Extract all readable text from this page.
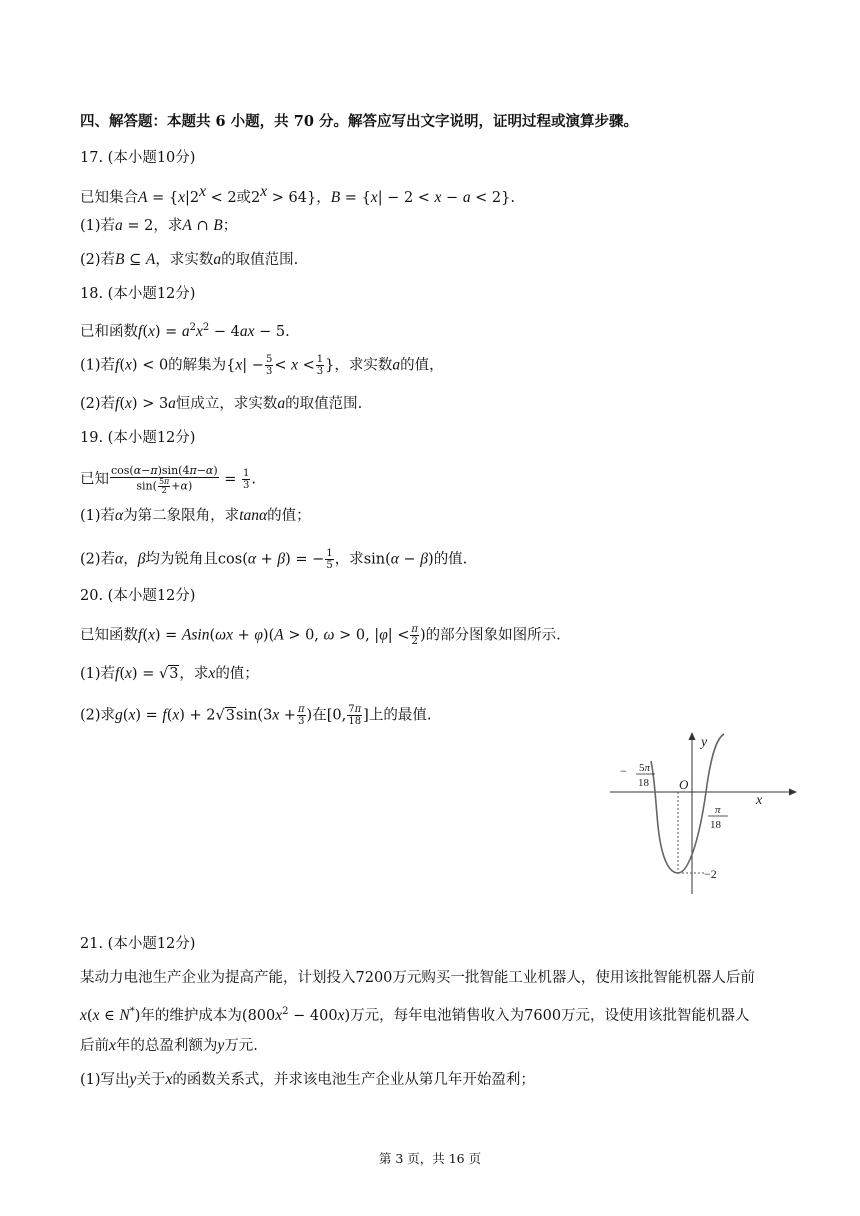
四、解答题：本题共 6 小题，共 70 分。解答应写出文字说明，证明过程或演算步骤。
17. (本小题10分)
已知集合$A = \{x|2^x < 2$或$2^x > 64$}，B = {x| − 2 < x − a < 2}.
(1)若a = 2，求A ∩ B；
(2)若B ⊆ A，求实数a的取值范围.
18. (本小题12分)
已和函数$f(x) = a^2x^2 - 4ax - 5$.
(1)若f(x) < 0的解集为{$x| - \frac{5}{3} < x < \frac{1}{3}$ }，求实数a的值，
(2)若f(x) > 3a恒成立，求实数a的取值范围.
19. (本小题12分)
已知 $\frac{\cos(\alpha-\pi)\sin(4\pi-\alpha)}{\sin( \frac{5\pi}{2} +\alpha)} = \frac{1}{3}$ .
(1)若α为第二象限角，求tanα的值；
(2)若α，β均为锐角且cos(α + β) = − $\frac{1}{5}$ ，求sin(α − β)的值.
20. (本小题12分)
已知函数f(x) = Asin(ωx + φ)(A > 0, ω > 0, $|\varphi| < \frac{\pi}{2}$ )的部分图象如图所示.
(1)若f(x) = √3，求x的值；
(2)求$g(x) = f(x) + 2√3\sin(3x + \frac{\pi}{3}$ )在[0, $\frac{7\pi}{18}$ ]上的最值.
y
x
O
− 5π
18
π
18
−2
21. (本小题12分)
某动力电池生产企业为提高产能，计划投入7200万元购买一批智能工业机器人，使用该批智能机器人后前
x(x ∈ N*)年的维护成本为$(800x^2 - 400x)$万元，每年电池销售收入为7600万元，设使用该批智能机器人
后前x年的总盈利额为y万元.
(1)写出y关于x的函数关系式，并求该电池生产企业从第几年开始盈利；
第 3 页，共 16 页
